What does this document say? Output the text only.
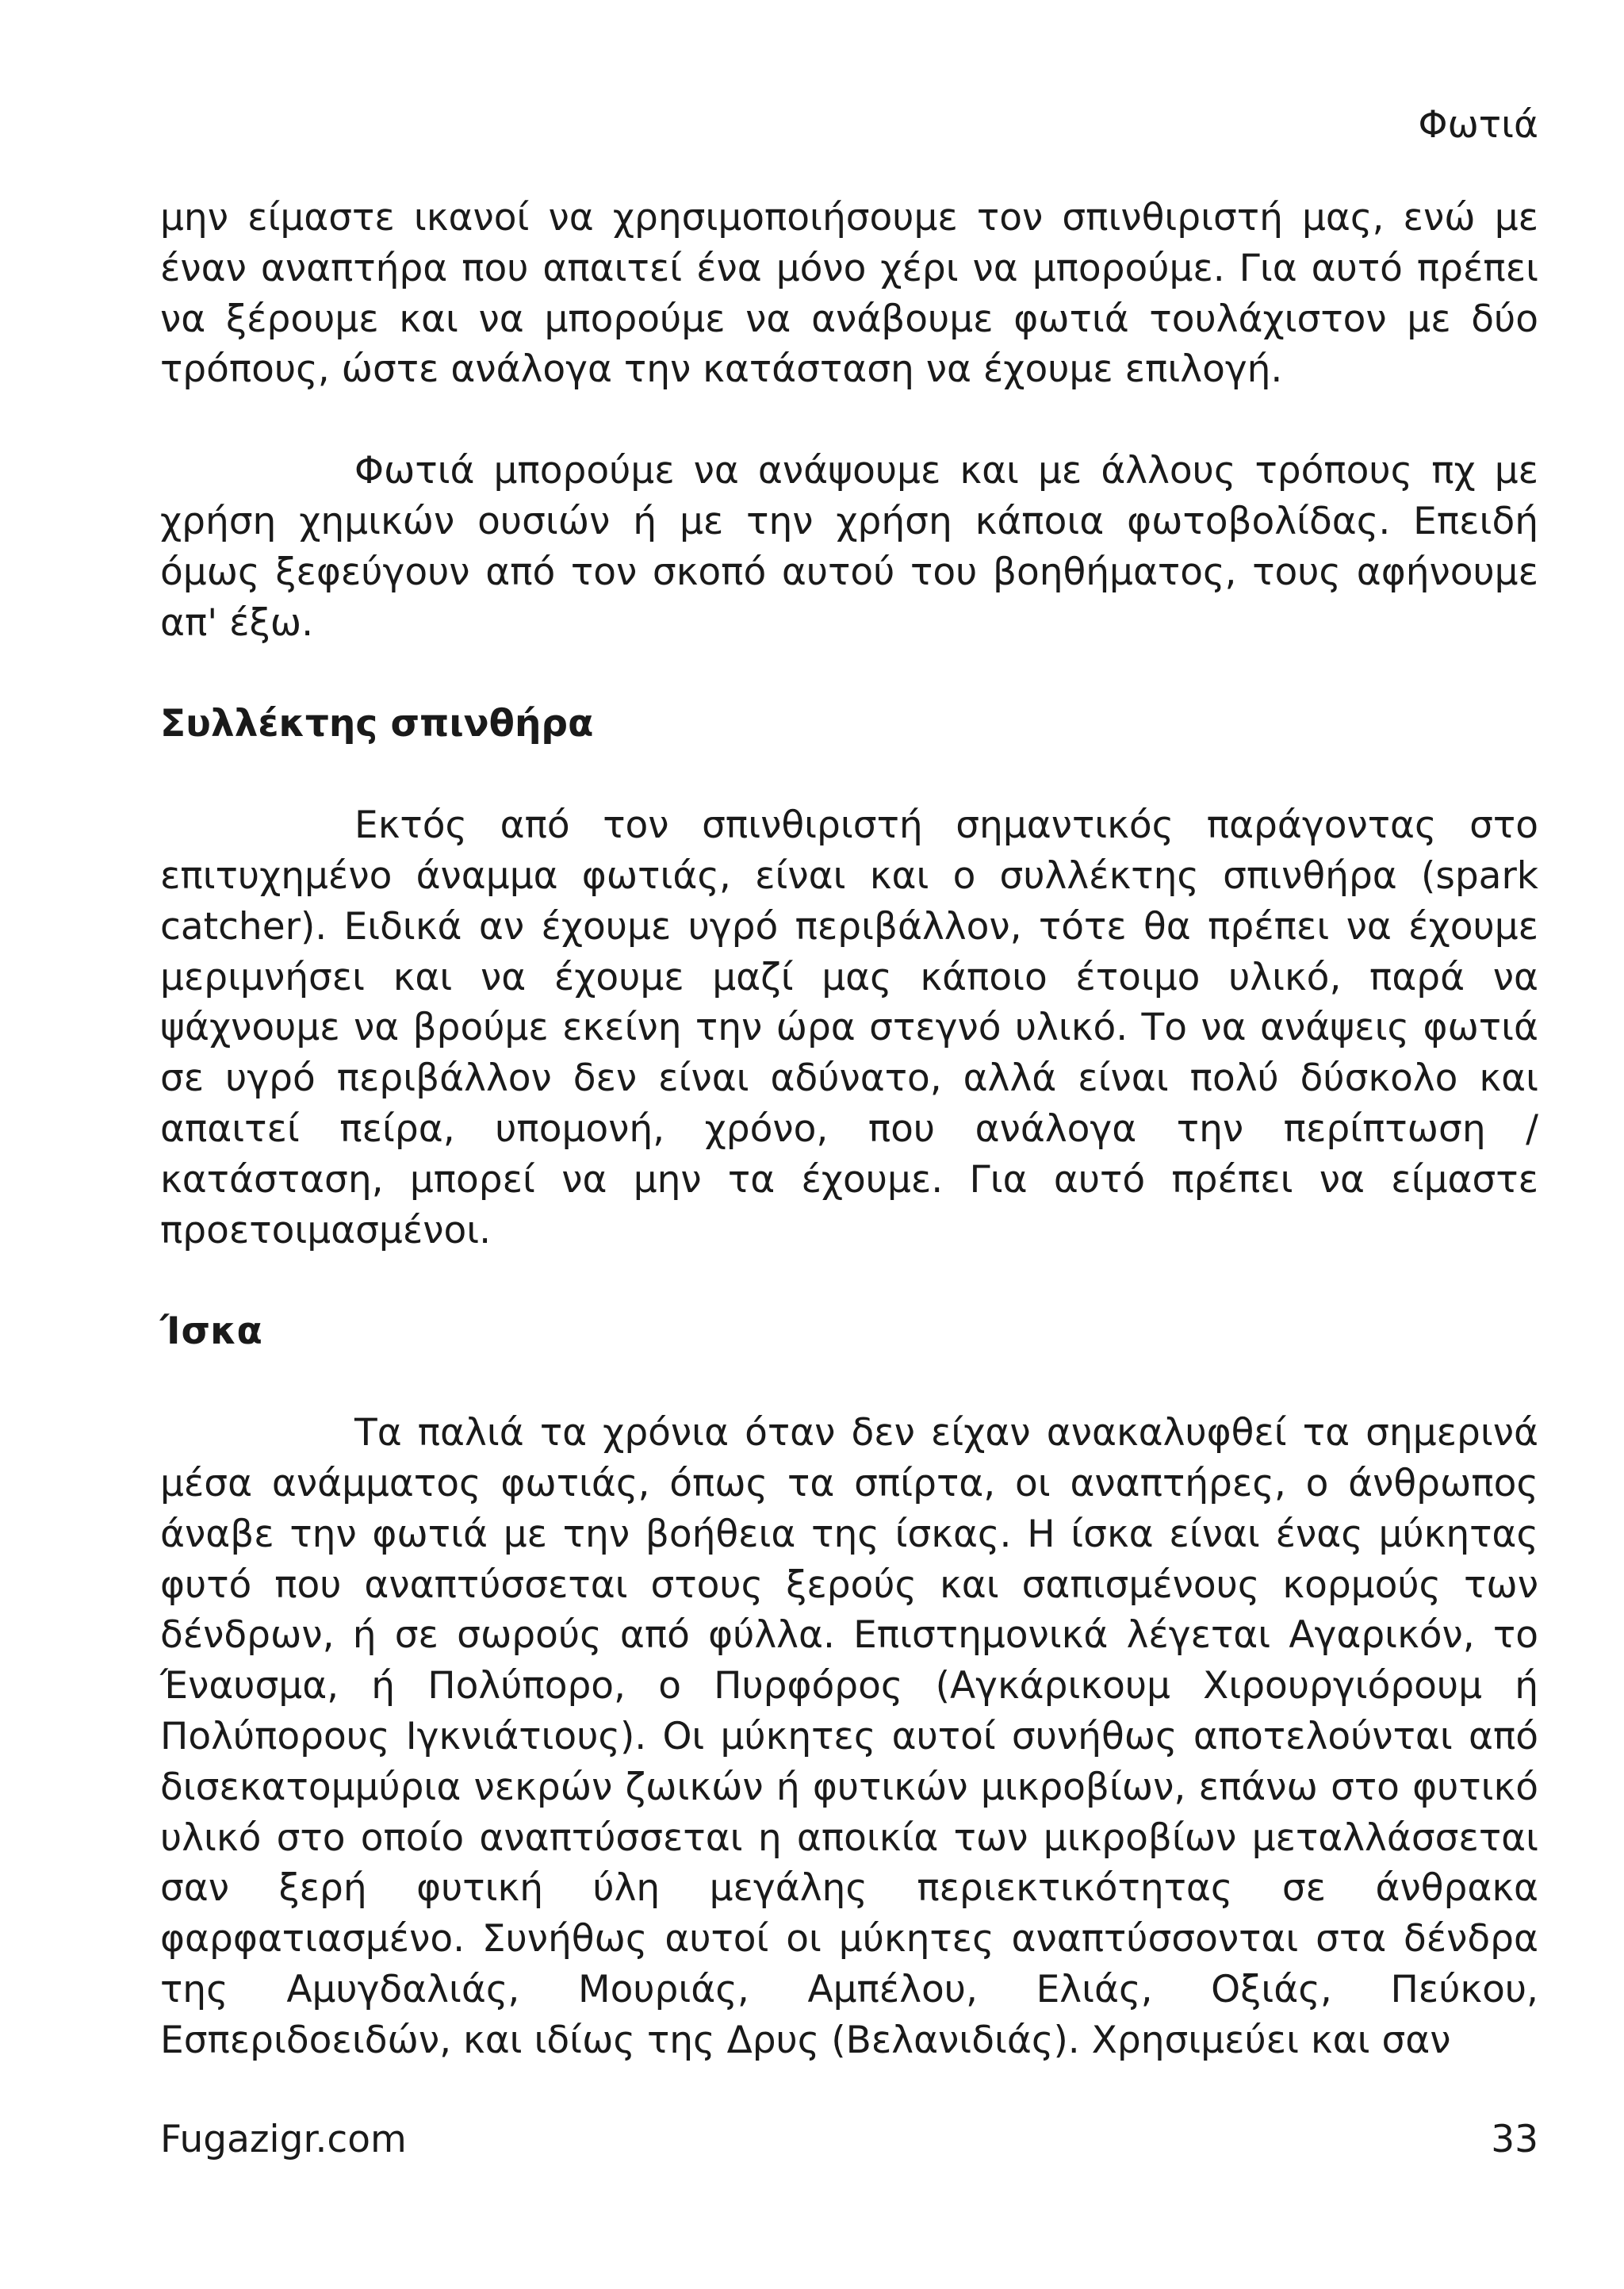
Φωτιά

μην είμαστε ικανοί να χρησιμοποιήσουμε τον σπινθιριστή μας, ενώ με έναν αναπτήρα που απαιτεί ένα μόνο χέρι να μπορούμε. Για αυτό πρέπει να ξέρουμε και να μπορούμε να ανάβουμε φωτιά τουλάχιστον με δύο τρόπους, ώστε ανάλογα την κατάσταση να έχουμε επιλογή.

Φωτιά μπορούμε να ανάψουμε και με άλλους τρόπους πχ με χρήση χημικών ουσιών ή με την χρήση κάποια φωτοβολίδας. Επειδή όμως ξεφεύγουν από τον σκοπό αυτού του βοηθήματος, τους αφήνουμε απ' έξω.

Συλλέκτης σπινθήρα

Εκτός από τον σπινθιριστή σημαντικός παράγοντας στο επιτυχημένο άναμμα φωτιάς, είναι και ο συλλέκτης σπινθήρα (spark catcher). Ειδικά αν έχουμε υγρό περιβάλλον, τότε θα πρέπει να έχουμε μεριμνήσει και να έχουμε μαζί μας κάποιο έτοιμο υλικό, παρά να ψάχνουμε να βρούμε εκείνη την ώρα στεγνό υλικό. Το να ανάψεις φωτιά σε υγρό περιβάλλον δεν είναι αδύνατο, αλλά είναι πολύ δύσκολο και απαιτεί πείρα, υπομονή, χρόνο, που ανάλογα την περίπτωση / κατάσταση, μπορεί να μην τα έχουμε. Για αυτό πρέπει να είμαστε προετοιμασμένοι.

Ίσκα

Τα παλιά τα χρόνια όταν δεν είχαν ανακαλυφθεί τα σημερινά μέσα ανάμματος φωτιάς, όπως τα σπίρτα, οι αναπτήρες, ο άνθρωπος άναβε την φωτιά με την βοήθεια της ίσκας. Η ίσκα είναι ένας μύκητας φυτό που αναπτύσσεται στους ξερούς και σαπισμένους κορμούς των δένδρων, ή σε σωρούς από φύλλα. Επιστημονικά λέγεται Αγαρικόν, το Έναυσμα, ή Πολύπορο, ο Πυρφόρος (Αγκάρικουμ Χιρουργιόρουμ ή Πολύπορους Ιγκνιάτιους). Οι μύκητες αυτοί συνήθως αποτελούνται από δισεκατομμύρια νεκρών ζωικών ή φυτικών μικροβίων, επάνω στο φυτικό υλικό στο οποίο αναπτύσσεται η αποικία των μικροβίων μεταλλάσσεται σαν ξερή φυτική ύλη μεγάλης περιεκτικότητας σε άνθρακα φαρφατιασμένο. Συνήθως αυτοί οι μύκητες αναπτύσσονται στα δένδρα της Αμυγδαλιάς, Μουριάς, Αμπέλου, Ελιάς, Οξιάς, Πεύκου, Εσπεριδοειδών, και ιδίως της Δρυς (Βελανιδιάς). Χρησιμεύει και σαν

Fugazigr.com	33
